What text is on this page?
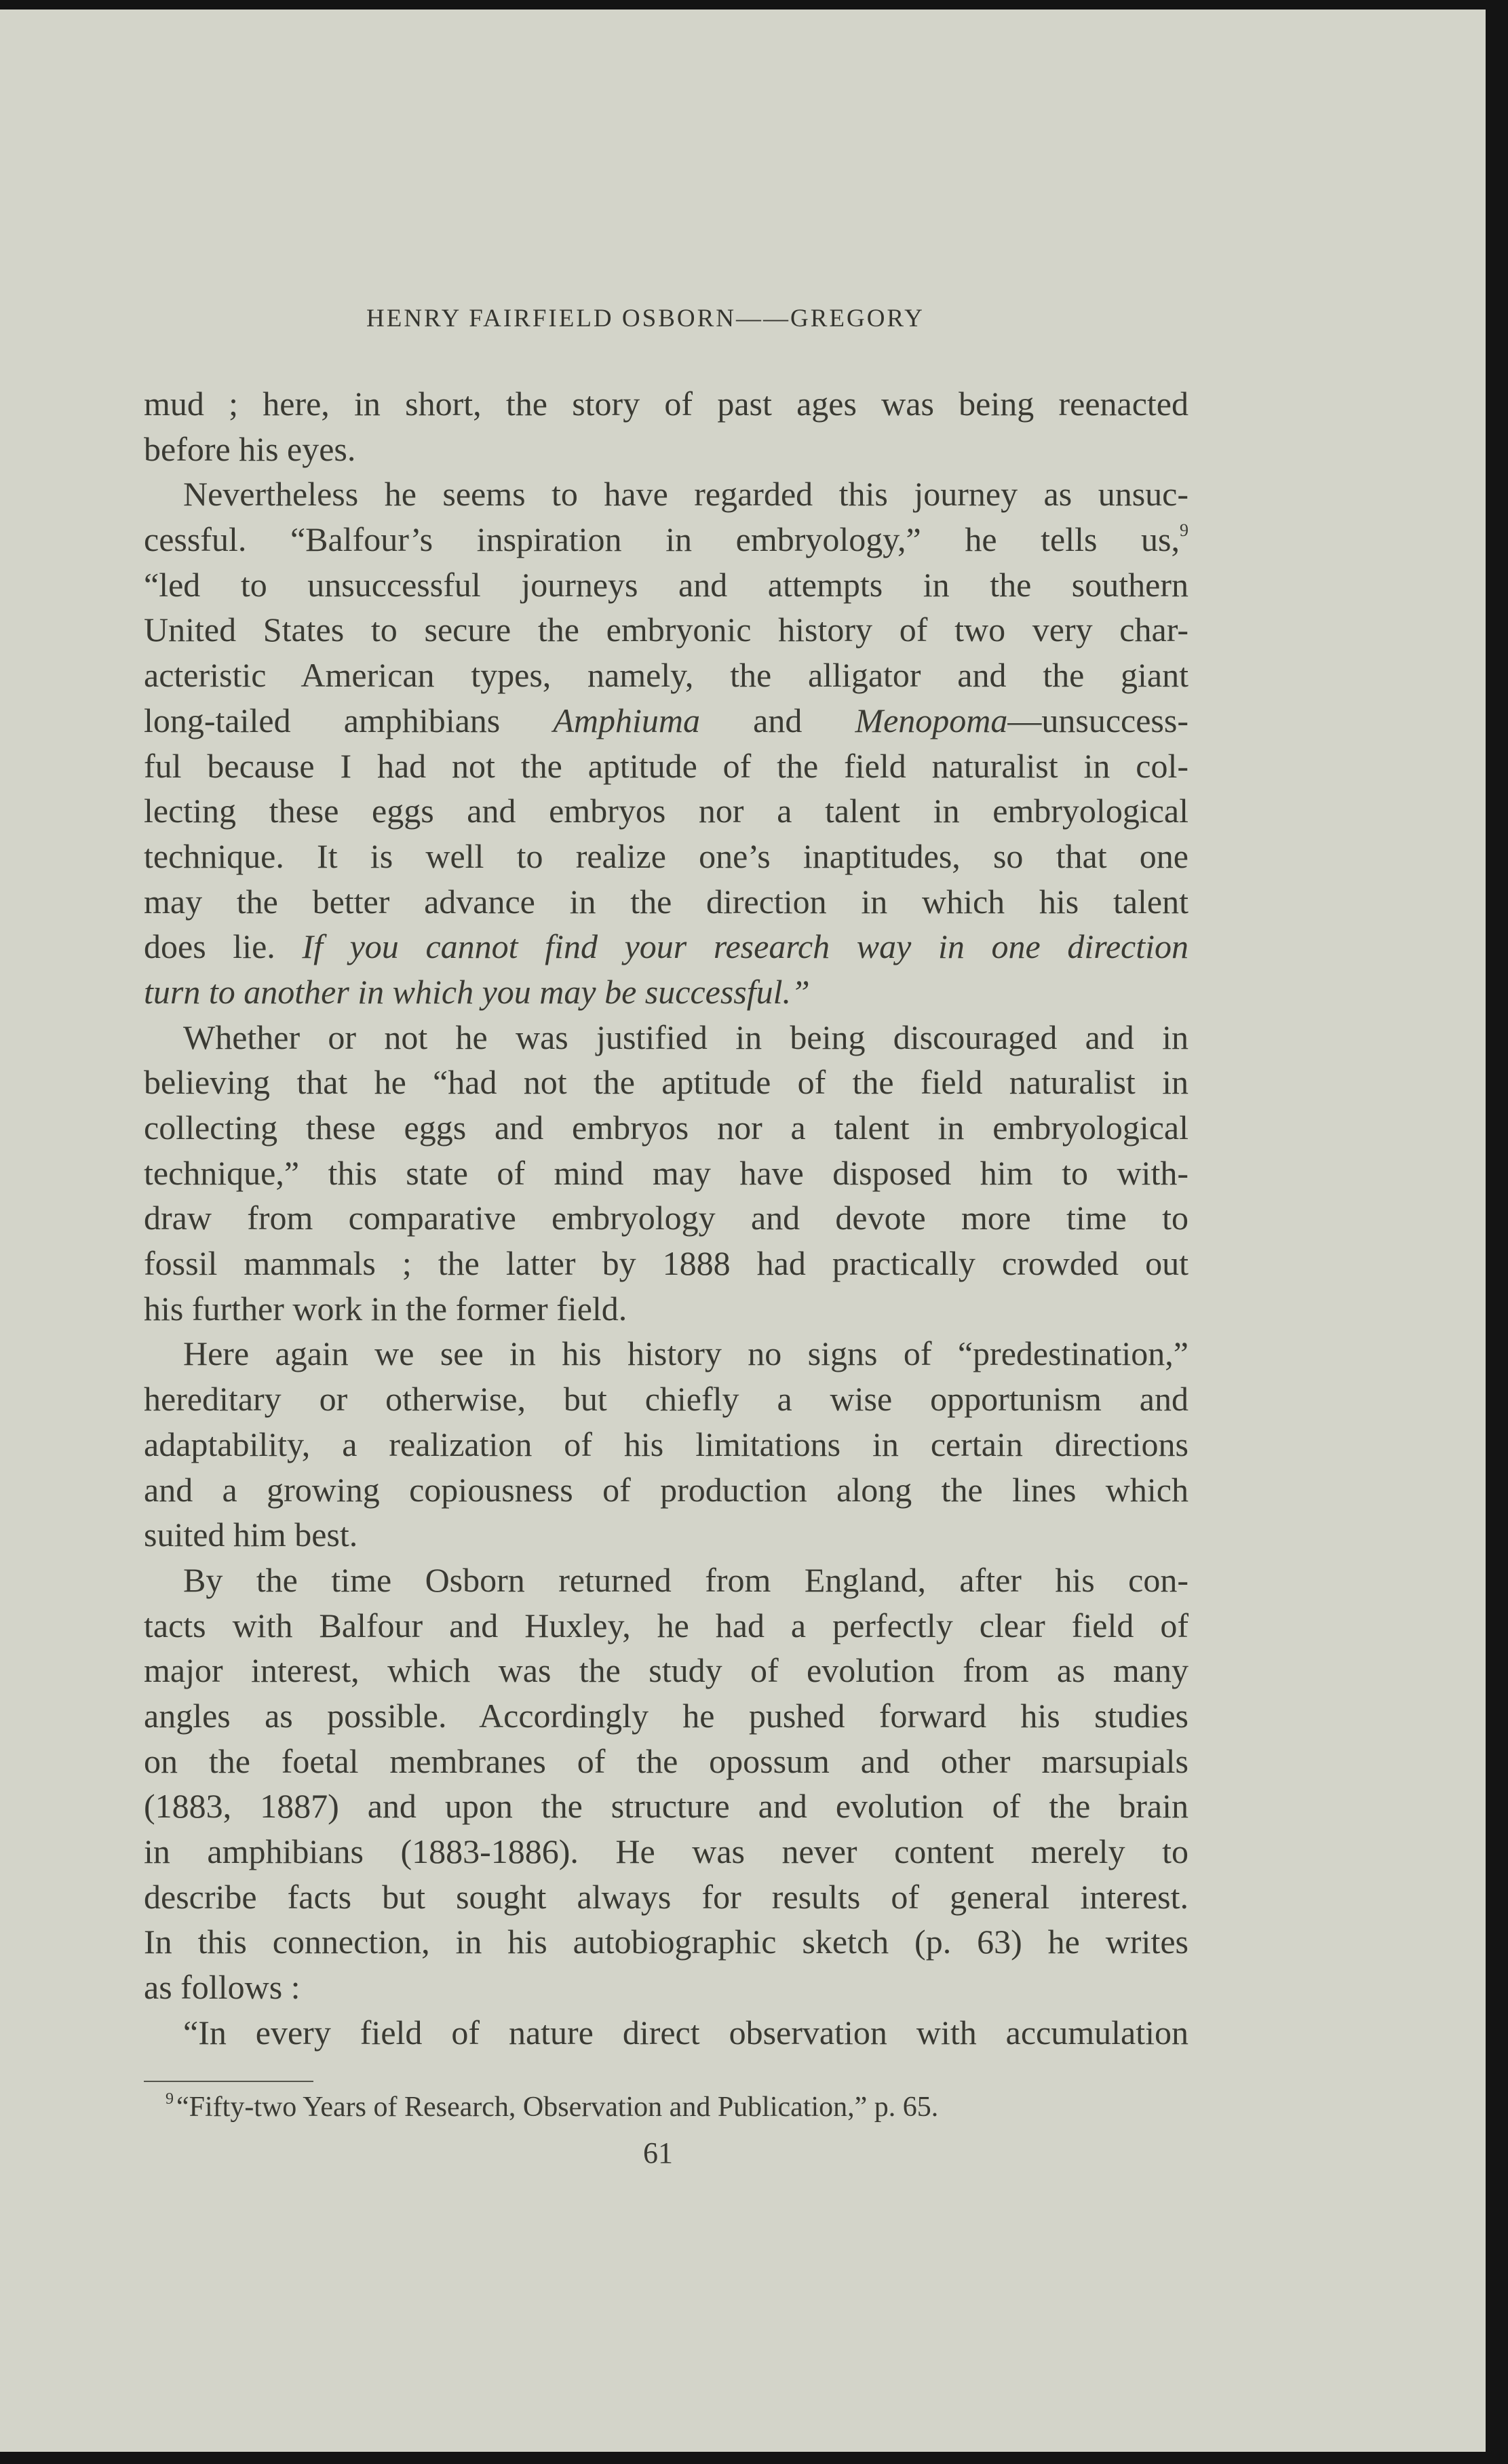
HENRY FAIRFIELD OSBORN——GREGORY
mud ; here, in short, the story of past ages was being reenacted
before his eyes.
Nevertheless he seems to have regarded this journey as unsuc-
cessful. “Balfour’s inspiration in embryology,” he tells us,$^9$
“led to unsuccessful journeys and attempts in the southern
United States to secure the embryonic history of two very char-
acteristic American types, namely, the alligator and the giant
long-tailed amphibians Amphiuma and Menopoma—unsuccess-
ful because I had not the aptitude of the field naturalist in col-
lecting these eggs and embryos nor a talent in embryological
technique. It is well to realize one’s inaptitudes, so that one
may the better advance in the direction in which his talent
does lie. If you cannot find your research way in one direction
turn to another in which you may be successful.”
Whether or not he was justified in being discouraged and in
believing that he “had not the aptitude of the field naturalist in
collecting these eggs and embryos nor a talent in embryological
technique,” this state of mind may have disposed him to with-
draw from comparative embryology and devote more time to
fossil mammals ; the latter by 1888 had practically crowded out
his further work in the former field.
Here again we see in his history no signs of “predestination,”
hereditary or otherwise, but chiefly a wise opportunism and
adaptability, a realization of his limitations in certain directions
and a growing copiousness of production along the lines which
suited him best.
By the time Osborn returned from England, after his con-
tacts with Balfour and Huxley, he had a perfectly clear field of
major interest, which was the study of evolution from as many
angles as possible. Accordingly he pushed forward his studies
on the foetal membranes of the opossum and other marsupials
(1883, 1887) and upon the structure and evolution of the brain
in amphibians (1883-1886). He was never content merely to
describe facts but sought always for results of general interest.
In this connection, in his autobiographic sketch (p. 63) he writes
as follows :
“In every field of nature direct observation with accumulation
$^9$“Fifty-two Years of Research, Observation and Publication,” p. 65.
61
